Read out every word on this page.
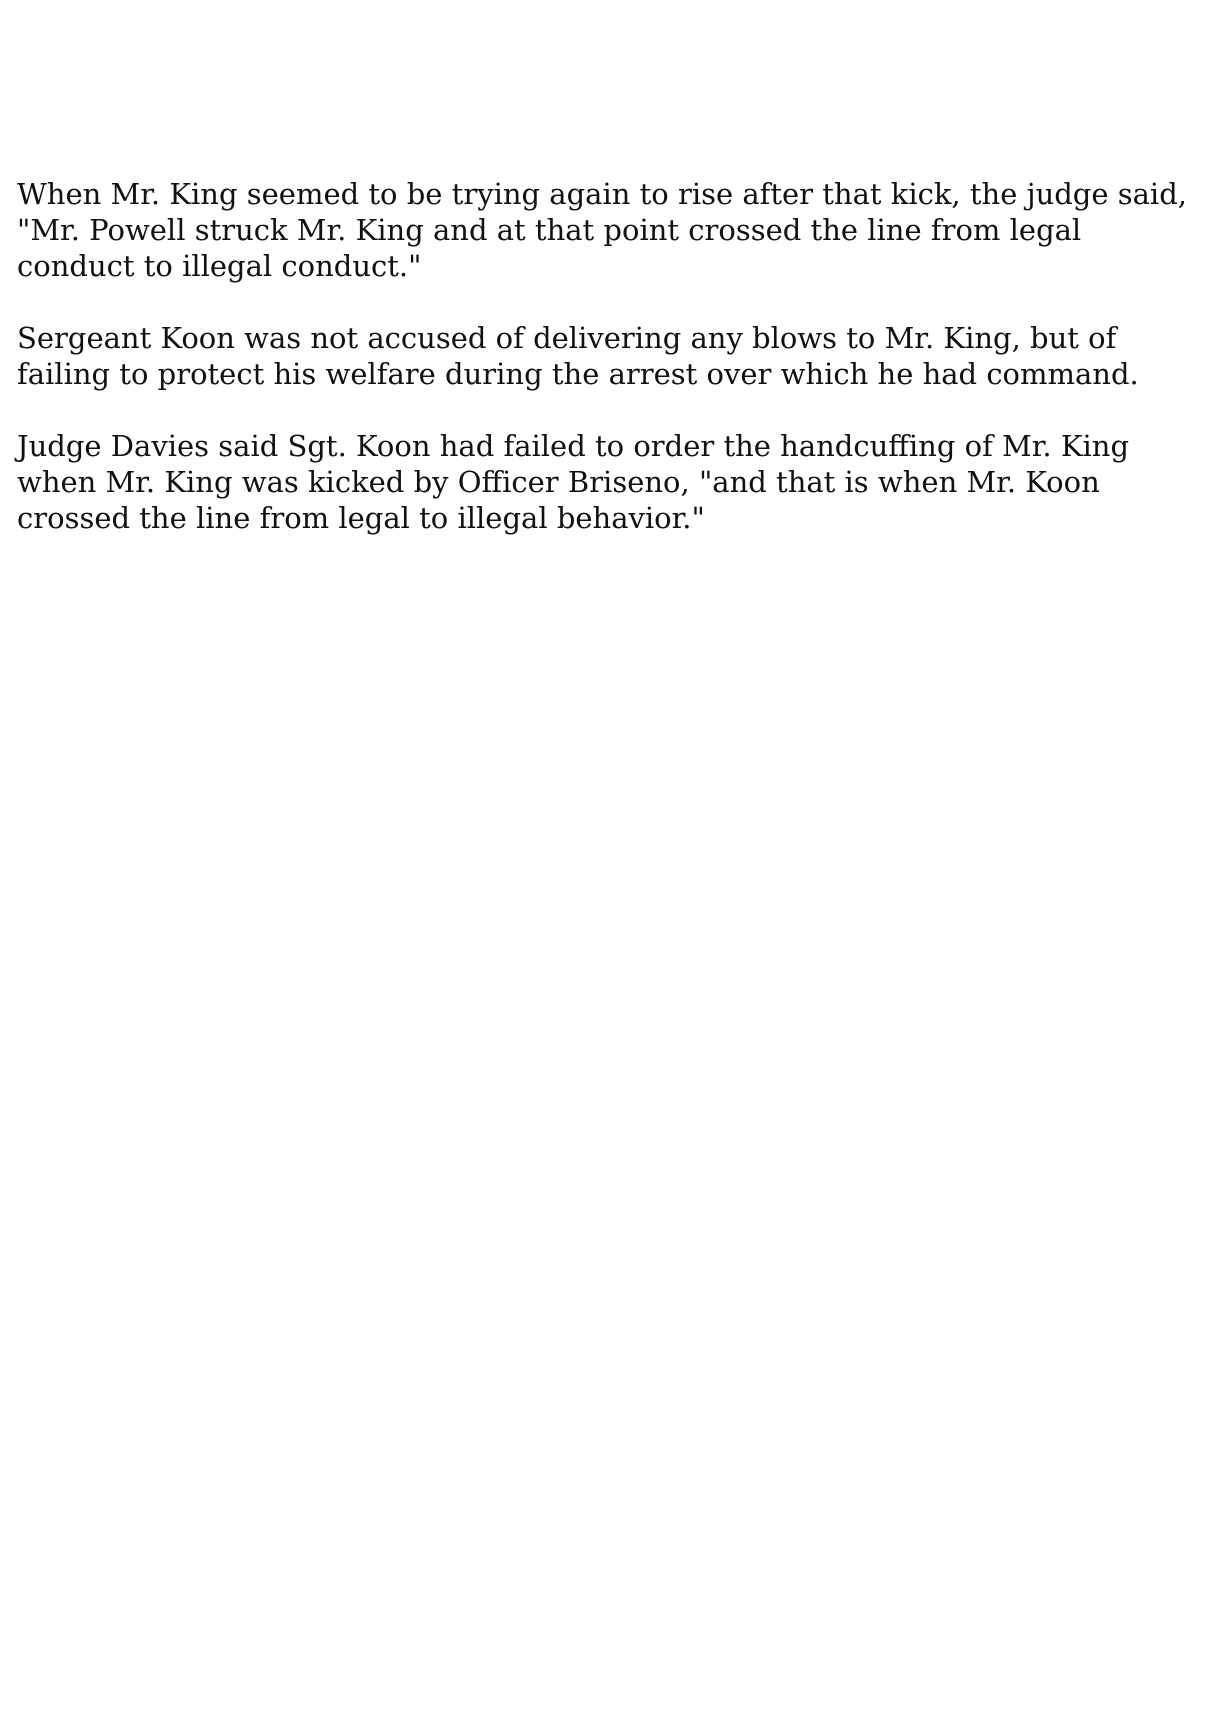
When Mr. King seemed to be trying again to rise after that kick, the judge said, "Mr. Powell struck Mr. King and at that point crossed the line from legal conduct to illegal conduct."

Sergeant Koon was not accused of delivering any blows to Mr. King, but of failing to protect his welfare during the arrest over which he had command.

Judge Davies said Sgt. Koon had failed to order the handcuffing of Mr. King when Mr. King was kicked by Officer Briseno, "and that is when Mr. Koon crossed the line from legal to illegal behavior."
